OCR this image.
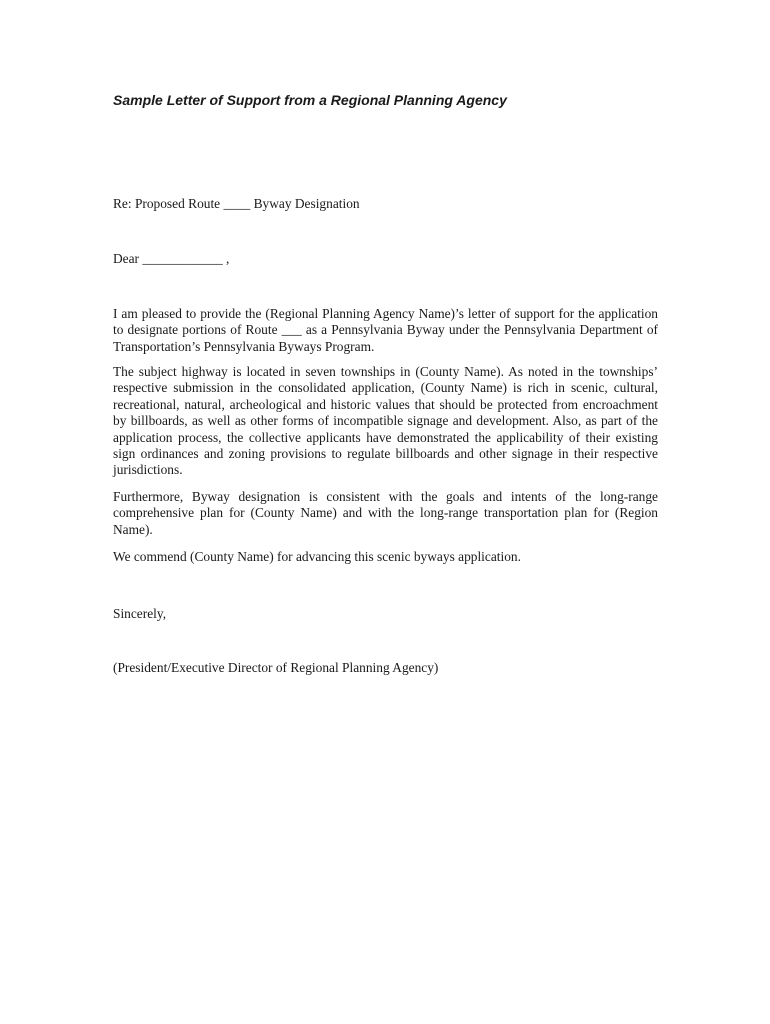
Sample Letter of Support from a Regional Planning Agency
Re: Proposed Route ____ Byway Designation
Dear ____________ ,
I am pleased to provide the (Regional Planning Agency Name)’s letter of support for the application to designate portions of Route ___ as a Pennsylvania Byway under the Pennsylvania Department of Transportation’s Pennsylvania Byways Program.
The subject highway is located in seven townships in (County Name). As noted in the townships’ respective submission in the consolidated application, (County Name) is rich in scenic, cultural, recreational, natural, archeological and historic values that should be protected from encroachment by billboards, as well as other forms of incompatible signage and development. Also, as part of the application process, the collective applicants have demonstrated the applicability of their existing sign ordinances and zoning provisions to regulate billboards and other signage in their respective jurisdictions.
Furthermore, Byway designation is consistent with the goals and intents of the long-range comprehensive plan for (County Name) and with the long-range transportation plan for (Region Name).
We commend (County Name) for advancing this scenic byways application.
Sincerely,
(President/Executive Director of Regional Planning Agency)
